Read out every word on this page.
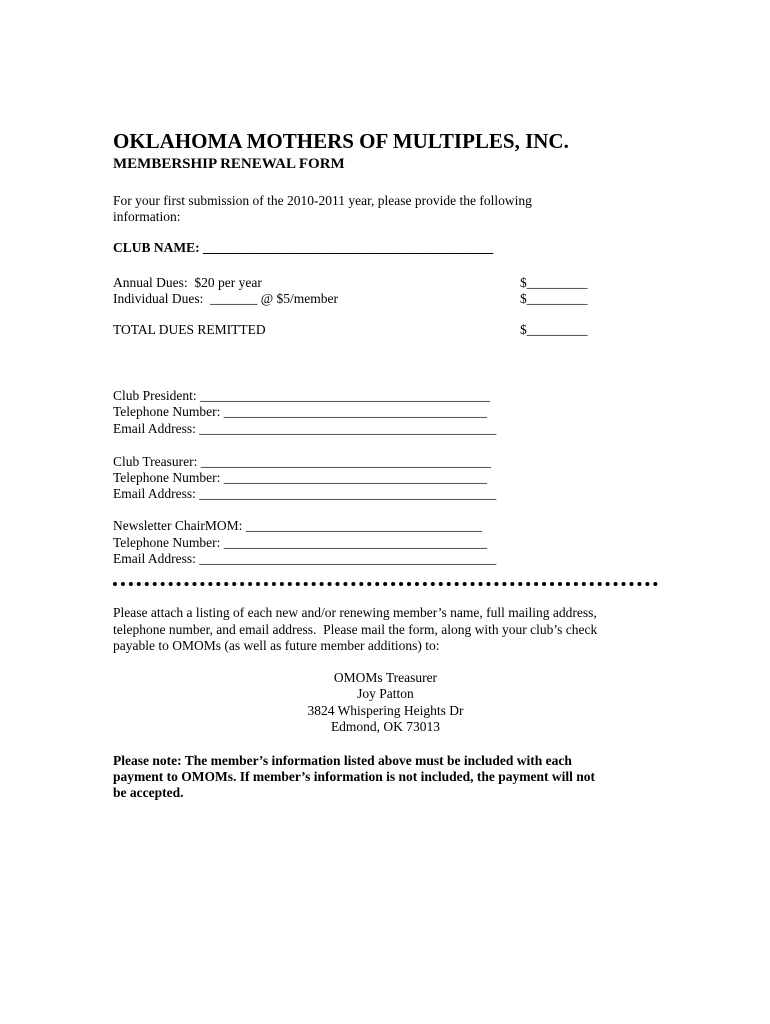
OKLAHOMA MOTHERS OF MULTIPLES, INC.
MEMBERSHIP RENEWAL FORM
For your first submission of the 2010-2011 year, please provide the following
information:
CLUB NAME: ___________________________________________
Annual Dues:  $20 per year	$_________
Individual Dues:  _______ @ $5/member	$_________
TOTAL DUES REMITTED	$_________
Club President: ___________________________________________
Telephone Number: _______________________________________
Email Address: ____________________________________________
Club Treasurer: ___________________________________________
Telephone Number: _______________________________________
Email Address: ____________________________________________
Newsletter ChairMOM: ___________________________________
Telephone Number: _______________________________________
Email Address: ____________________________________________
Please attach a listing of each new and/or renewing member’s name, full mailing address,
telephone number, and email address.  Please mail the form, along with your club’s check
payable to OMOMs (as well as future member additions) to:
OMOMs Treasurer
Joy Patton
3824 Whispering Heights Dr
Edmond, OK 73013
Please note: The member’s information listed above must be included with each
payment to OMOMs. If member’s information is not included, the payment will not
be accepted.
